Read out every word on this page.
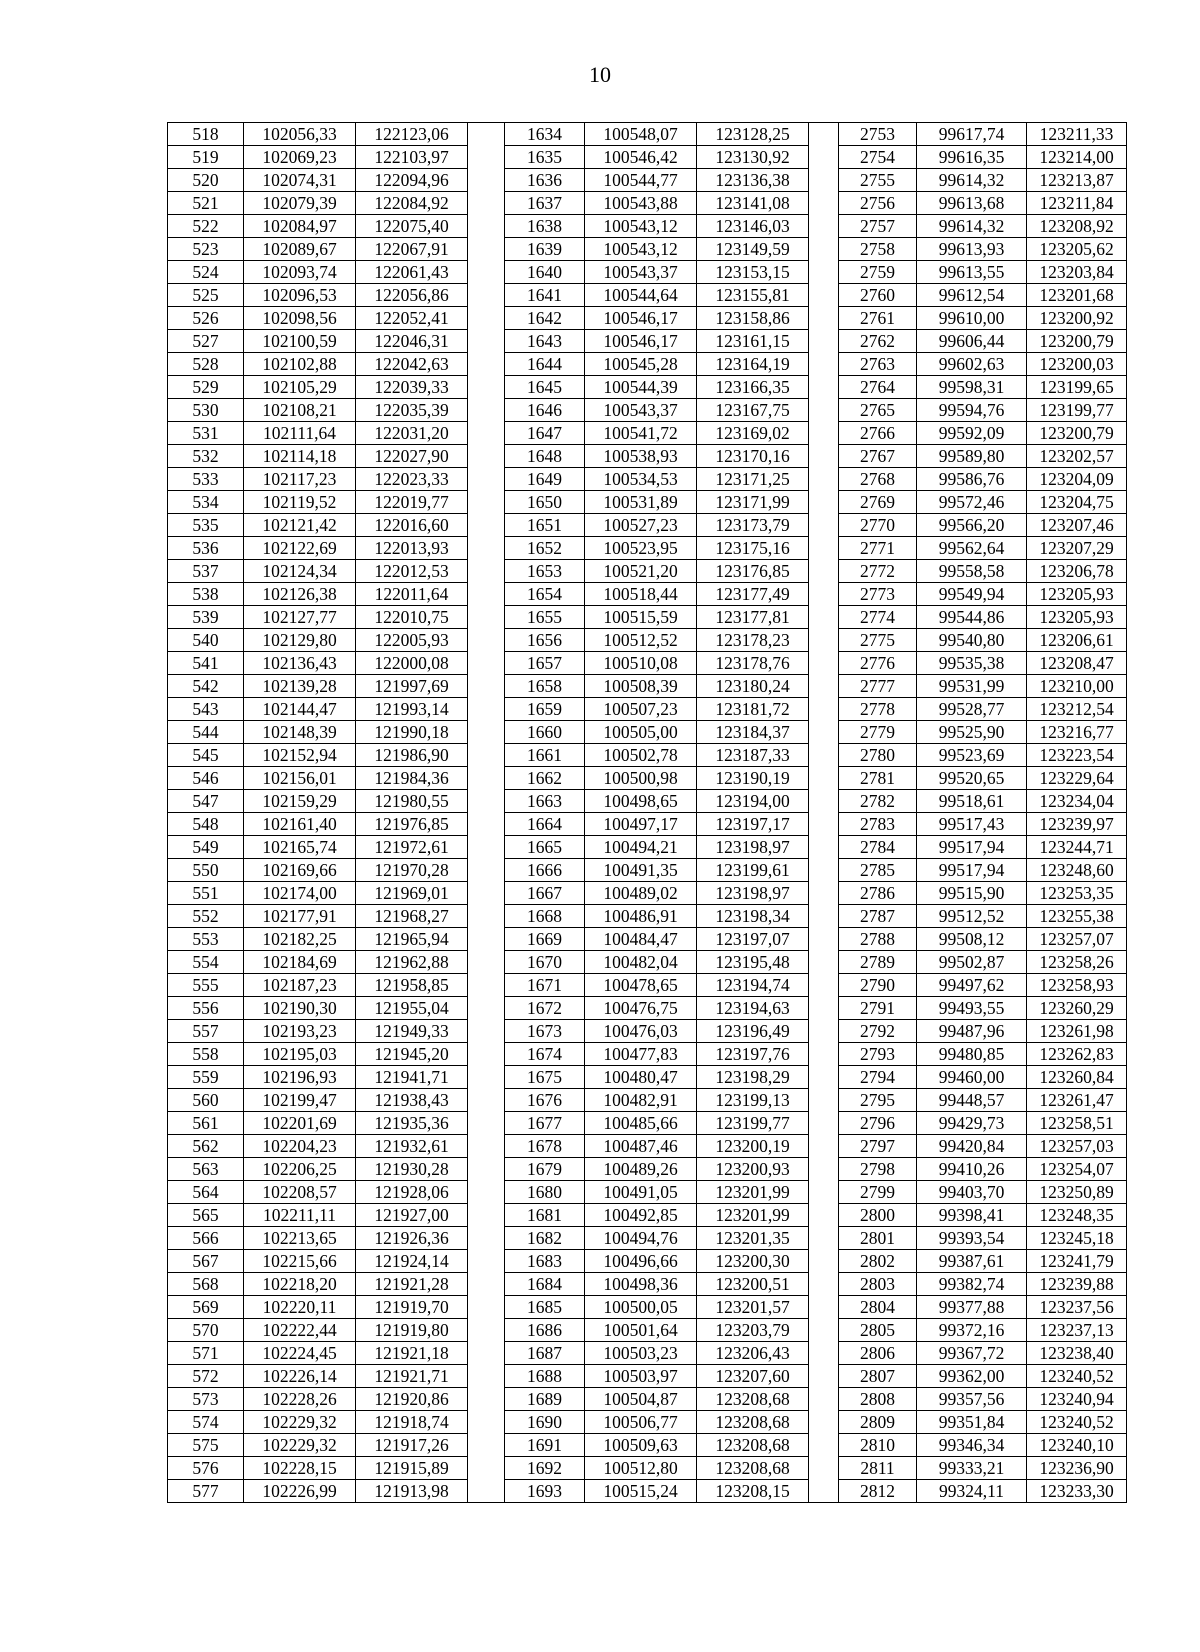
10
518	102056,33	122123,06		1634	100548,07	123128,25		2753	99617,74	123211,33
519	102069,23	122103,97		1635	100546,42	123130,92		2754	99616,35	123214,00
520	102074,31	122094,96		1636	100544,77	123136,38		2755	99614,32	123213,87
521	102079,39	122084,92		1637	100543,88	123141,08		2756	99613,68	123211,84
522	102084,97	122075,40		1638	100543,12	123146,03		2757	99614,32	123208,92
523	102089,67	122067,91		1639	100543,12	123149,59		2758	99613,93	123205,62
524	102093,74	122061,43		1640	100543,37	123153,15		2759	99613,55	123203,84
525	102096,53	122056,86		1641	100544,64	123155,81		2760	99612,54	123201,68
526	102098,56	122052,41		1642	100546,17	123158,86		2761	99610,00	123200,92
527	102100,59	122046,31		1643	100546,17	123161,15		2762	99606,44	123200,79
528	102102,88	122042,63		1644	100545,28	123164,19		2763	99602,63	123200,03
529	102105,29	122039,33		1645	100544,39	123166,35		2764	99598,31	123199,65
530	102108,21	122035,39		1646	100543,37	123167,75		2765	99594,76	123199,77
531	102111,64	122031,20		1647	100541,72	123169,02		2766	99592,09	123200,79
532	102114,18	122027,90		1648	100538,93	123170,16		2767	99589,80	123202,57
533	102117,23	122023,33		1649	100534,53	123171,25		2768	99586,76	123204,09
534	102119,52	122019,77		1650	100531,89	123171,99		2769	99572,46	123204,75
535	102121,42	122016,60		1651	100527,23	123173,79		2770	99566,20	123207,46
536	102122,69	122013,93		1652	100523,95	123175,16		2771	99562,64	123207,29
537	102124,34	122012,53		1653	100521,20	123176,85		2772	99558,58	123206,78
538	102126,38	122011,64		1654	100518,44	123177,49		2773	99549,94	123205,93
539	102127,77	122010,75		1655	100515,59	123177,81		2774	99544,86	123205,93
540	102129,80	122005,93		1656	100512,52	123178,23		2775	99540,80	123206,61
541	102136,43	122000,08		1657	100510,08	123178,76		2776	99535,38	123208,47
542	102139,28	121997,69		1658	100508,39	123180,24		2777	99531,99	123210,00
543	102144,47	121993,14		1659	100507,23	123181,72		2778	99528,77	123212,54
544	102148,39	121990,18		1660	100505,00	123184,37		2779	99525,90	123216,77
545	102152,94	121986,90		1661	100502,78	123187,33		2780	99523,69	123223,54
546	102156,01	121984,36		1662	100500,98	123190,19		2781	99520,65	123229,64
547	102159,29	121980,55		1663	100498,65	123194,00		2782	99518,61	123234,04
548	102161,40	121976,85		1664	100497,17	123197,17		2783	99517,43	123239,97
549	102165,74	121972,61		1665	100494,21	123198,97		2784	99517,94	123244,71
550	102169,66	121970,28		1666	100491,35	123199,61		2785	99517,94	123248,60
551	102174,00	121969,01		1667	100489,02	123198,97		2786	99515,90	123253,35
552	102177,91	121968,27		1668	100486,91	123198,34		2787	99512,52	123255,38
553	102182,25	121965,94		1669	100484,47	123197,07		2788	99508,12	123257,07
554	102184,69	121962,88		1670	100482,04	123195,48		2789	99502,87	123258,26
555	102187,23	121958,85		1671	100478,65	123194,74		2790	99497,62	123258,93
556	102190,30	121955,04		1672	100476,75	123194,63		2791	99493,55	123260,29
557	102193,23	121949,33		1673	100476,03	123196,49		2792	99487,96	123261,98
558	102195,03	121945,20		1674	100477,83	123197,76		2793	99480,85	123262,83
559	102196,93	121941,71		1675	100480,47	123198,29		2794	99460,00	123260,84
560	102199,47	121938,43		1676	100482,91	123199,13		2795	99448,57	123261,47
561	102201,69	121935,36		1677	100485,66	123199,77		2796	99429,73	123258,51
562	102204,23	121932,61		1678	100487,46	123200,19		2797	99420,84	123257,03
563	102206,25	121930,28		1679	100489,26	123200,93		2798	99410,26	123254,07
564	102208,57	121928,06		1680	100491,05	123201,99		2799	99403,70	123250,89
565	102211,11	121927,00		1681	100492,85	123201,99		2800	99398,41	123248,35
566	102213,65	121926,36		1682	100494,76	123201,35		2801	99393,54	123245,18
567	102215,66	121924,14		1683	100496,66	123200,30		2802	99387,61	123241,79
568	102218,20	121921,28		1684	100498,36	123200,51		2803	99382,74	123239,88
569	102220,11	121919,70		1685	100500,05	123201,57		2804	99377,88	123237,56
570	102222,44	121919,80		1686	100501,64	123203,79		2805	99372,16	123237,13
571	102224,45	121921,18		1687	100503,23	123206,43		2806	99367,72	123238,40
572	102226,14	121921,71		1688	100503,97	123207,60		2807	99362,00	123240,52
573	102228,26	121920,86		1689	100504,87	123208,68		2808	99357,56	123240,94
574	102229,32	121918,74		1690	100506,77	123208,68		2809	99351,84	123240,52
575	102229,32	121917,26		1691	100509,63	123208,68		2810	99346,34	123240,10
576	102228,15	121915,89		1692	100512,80	123208,68		2811	99333,21	123236,90
577	102226,99	121913,98		1693	100515,24	123208,15		2812	99324,11	123233,30
